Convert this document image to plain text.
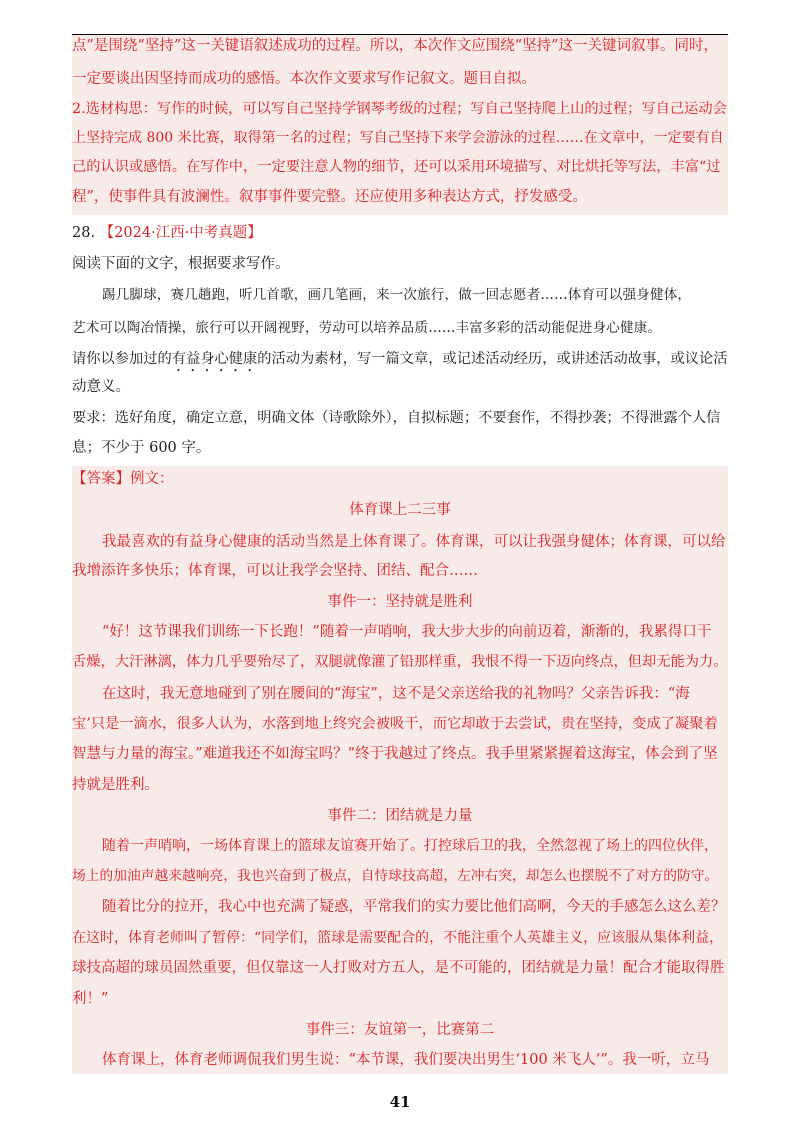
点”是围绕“坚持”这一关键语叙述成功的过程。所以，本次作文应围绕“坚持”这一关键词叙事。同时，
一定要谈出因坚持而成功的感悟。本次作文要求写作记叙文。题目自拟。
2.选材构思：写作的时候，可以写自己坚持学钢琴考级的过程；写自己坚持爬上山的过程；写自己运动会
上坚持完成 800 米比赛，取得第一名的过程；写自己坚持下来学会游泳的过程……在文章中，一定要有自
己的认识或感悟。在写作中，一定要注意人物的细节，还可以采用环境描写、对比烘托等写法，丰富“过
程”，使事件具有波澜性。叙事事件要完整。还应使用多种表达方式，抒发感受。
28. 【2024·江西·中考真题】
阅读下面的文字，根据要求写作。
踢几脚球，赛几趟跑，听几首歌，画几笔画，来一次旅行，做一回志愿者……体育可以强身健体，
艺术可以陶冶情操，旅行可以开阔视野，劳动可以培养品质……丰富多彩的活动能促进身心健康。
请你以参加过的有益身心健康的活动为素材，写一篇文章，或记述活动经历，或讲述活动故事，或议论活
动意义。
要求：选好角度，确定立意，明确文体（诗歌除外），自拟标题；不要套作，不得抄袭；不得泄露个人信
息；不少于 600 字。
【答案】例文：
体育课上二三事
我最喜欢的有益身心健康的活动当然是上体育课了。体育课，可以让我强身健体；体育课，可以给
我增添许多快乐；体育课，可以让我学会坚持、团结、配合……
事件一：坚持就是胜利
“好！这节课我们训练一下长跑！”随着一声哨响，我大步大步的向前迈着，渐渐的，我累得口干
舌燥，大汗淋漓，体力几乎要殆尽了，双腿就像灌了铅那样重，我恨不得一下迈向终点，但却无能为力。
在这时，我无意地碰到了别在腰间的“海宝”，这不是父亲送给我的礼物吗？父亲告诉我：“海
宝’只是一滴水，很多人认为，水落到地上终究会被吸干，而它却敢于去尝试，贵在坚持，变成了凝聚着
智慧与力量的海宝。”难道我还不如海宝吗？”终于我越过了终点。我手里紧紧握着这海宝，体会到了坚
持就是胜利。
事件二：团结就是力量
随着一声哨响，一场体育课上的篮球友谊赛开始了。打控球后卫的我，全然忽视了场上的四位伙伴，
场上的加油声越来越响亮，我也兴奋到了极点，自恃球技高超，左冲右突，却怎么也摆脱不了对方的防守。
随着比分的拉开，我心中也充满了疑惑，平常我们的实力要比他们高啊，今天的手感怎么这么差？
在这时，体育老师叫了暂停：“同学们，篮球是需要配合的，不能注重个人英雄主义，应该服从集体利益，
球技高超的球员固然重要，但仅靠这一人打败对方五人，是不可能的，团结就是力量！配合才能取得胜
利！”
事件三：友谊第一，比赛第二
体育课上，体育老师调侃我们男生说：“本节课，我们要决出男生‘100 米飞人’”。我一听，立马
41
